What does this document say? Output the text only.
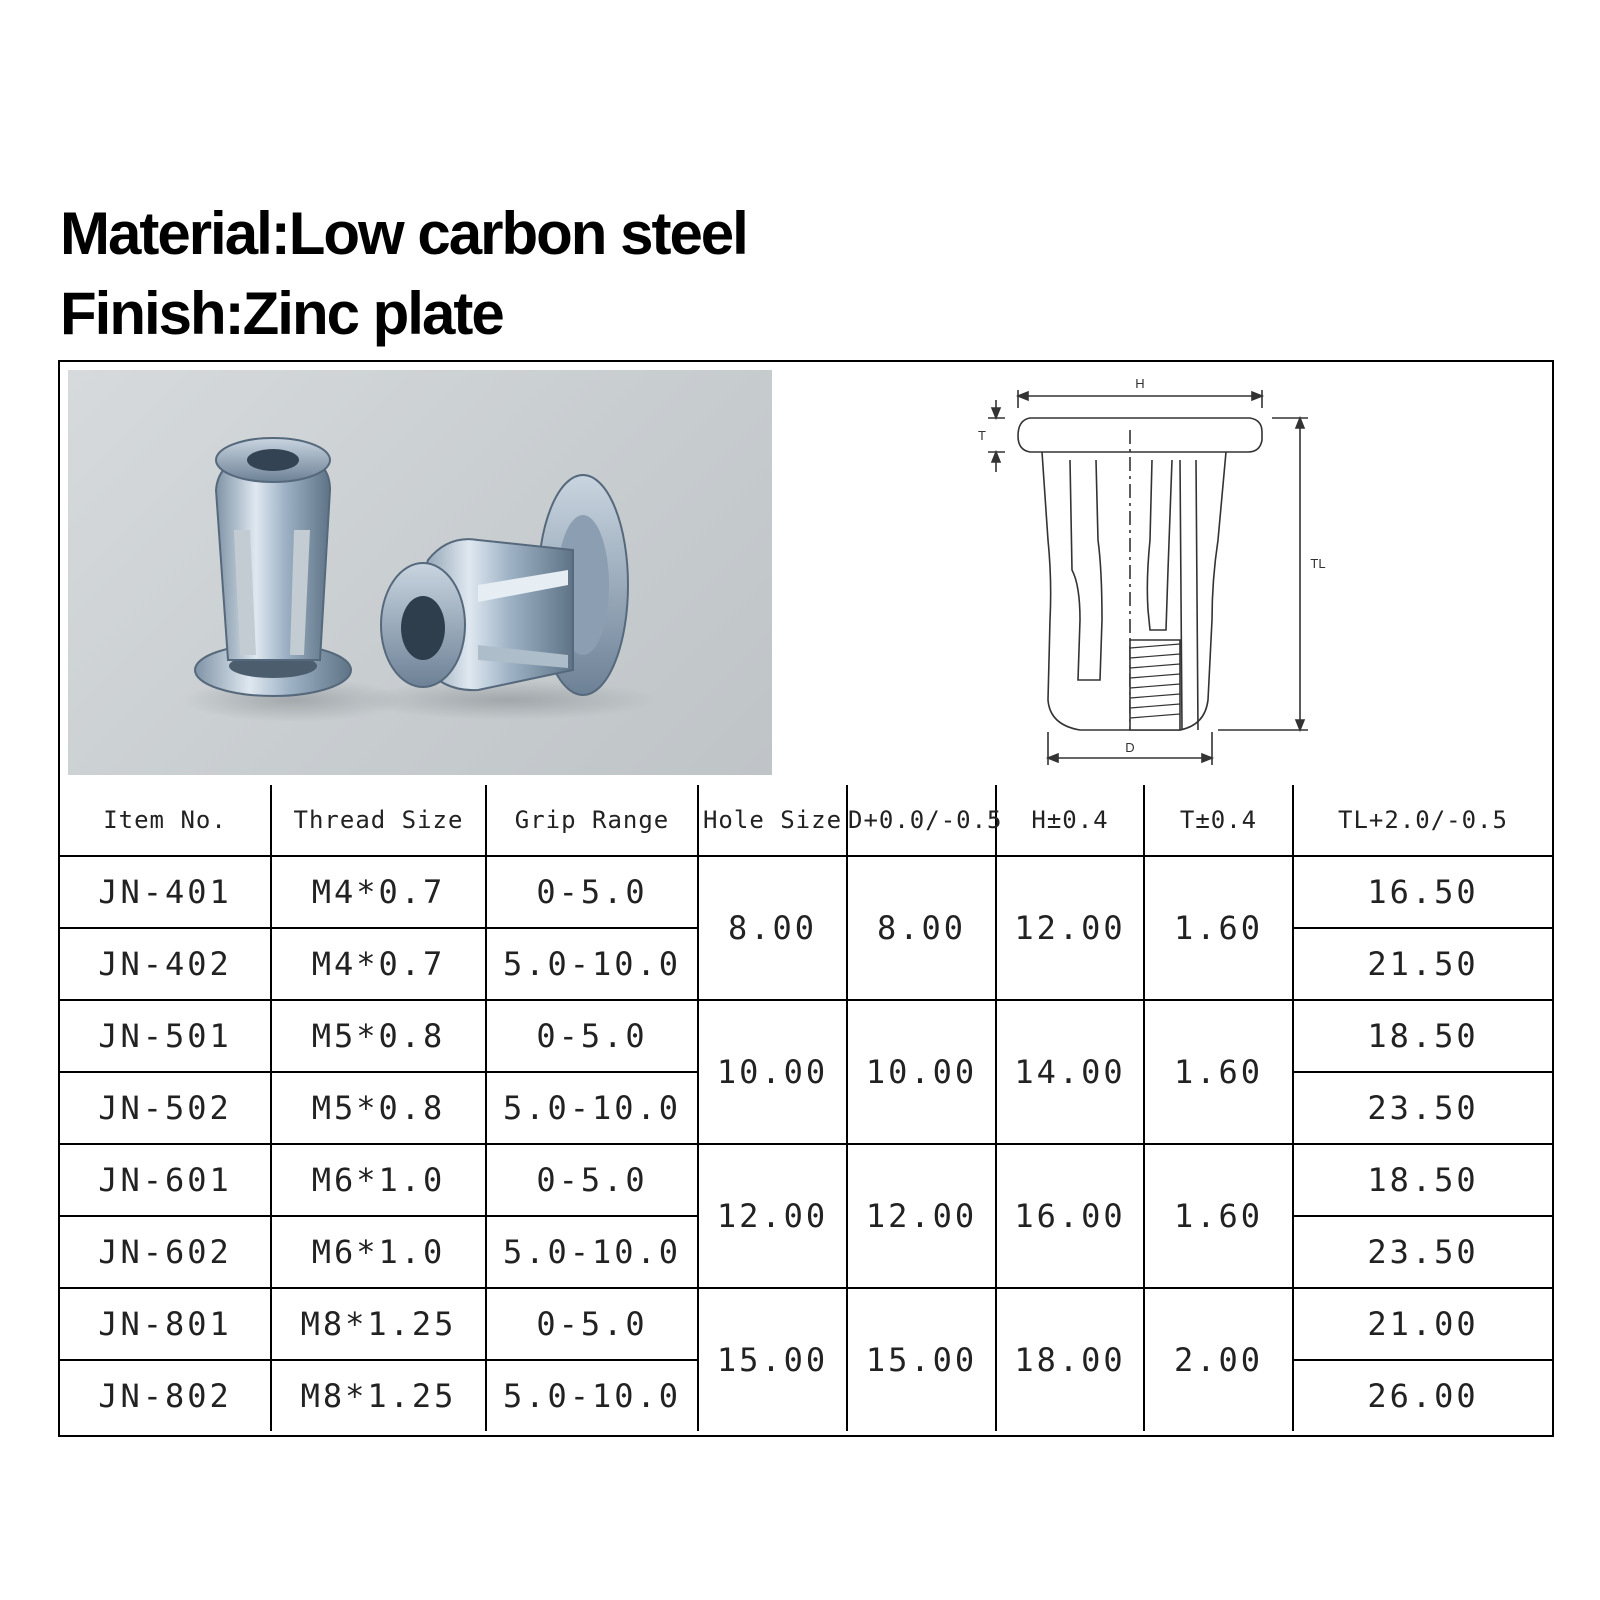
Material:Low carbon steel
Finish:Zinc plate
H
T
TL
D
Item No.	Thread Size	Grip Range	Hole Size	D+0.0/-0.5	H±0.4	T±0.4	TL+2.0/-0.5
JN-401	M4*0.7	0-5.0	8.00	8.00	12.00	1.60	16.50
JN-402	M4*0.7	5.0-10.0					21.50
JN-501	M5*0.8	0-5.0	10.00	10.00	14.00	1.60	18.50
JN-502	M5*0.8	5.0-10.0					23.50
JN-601	M6*1.0	0-5.0	12.00	12.00	16.00	1.60	18.50
JN-602	M6*1.0	5.0-10.0					23.50
JN-801	M8*1.25	0-5.0	15.00	15.00	18.00	2.00	21.00
JN-802	M8*1.25	5.0-10.0					26.00
